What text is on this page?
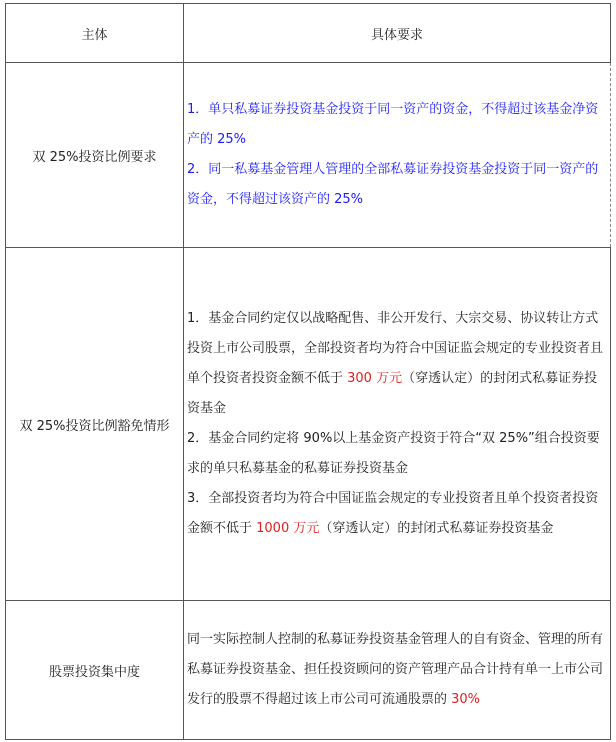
主体	具体要求
双 25%投资比例要求	1．单只私募证券投资基金投资于同一资产的资金，不得超过该基金净资产的 25%

2．同一私募基金管理人管理的全部私募证券投资基金投资于同一资产的资金，不得超过该资产的 25%

双 25%投资比例豁免情形	1．基金合同约定仅以战略配售、非公开发行、大宗交易、协议转让方式投资上市公司股票，全部投资者均为符合中国证监会规定的专业投资者且单个投资者投资金额不低于 300 万元（穿透认定）的封闭式私募证券投资基金

2．基金合同约定将 90%以上基金资产投资于符合“双 25%”组合投资要求的单只私募基金的私募证券投资基金

3．全部投资者均为符合中国证监会规定的专业投资者且单个投资者投资金额不低于 1000 万元（穿透认定）的封闭式私募证券投资基金

股票投资集中度	同一实际控制人控制的私募证券投资基金管理人的自有资金、管理的所有私募证券投资基金、担任投资顾问的资产管理产品合计持有单一上市公司发行的股票不得超过该上市公司可流通股票的 30%
